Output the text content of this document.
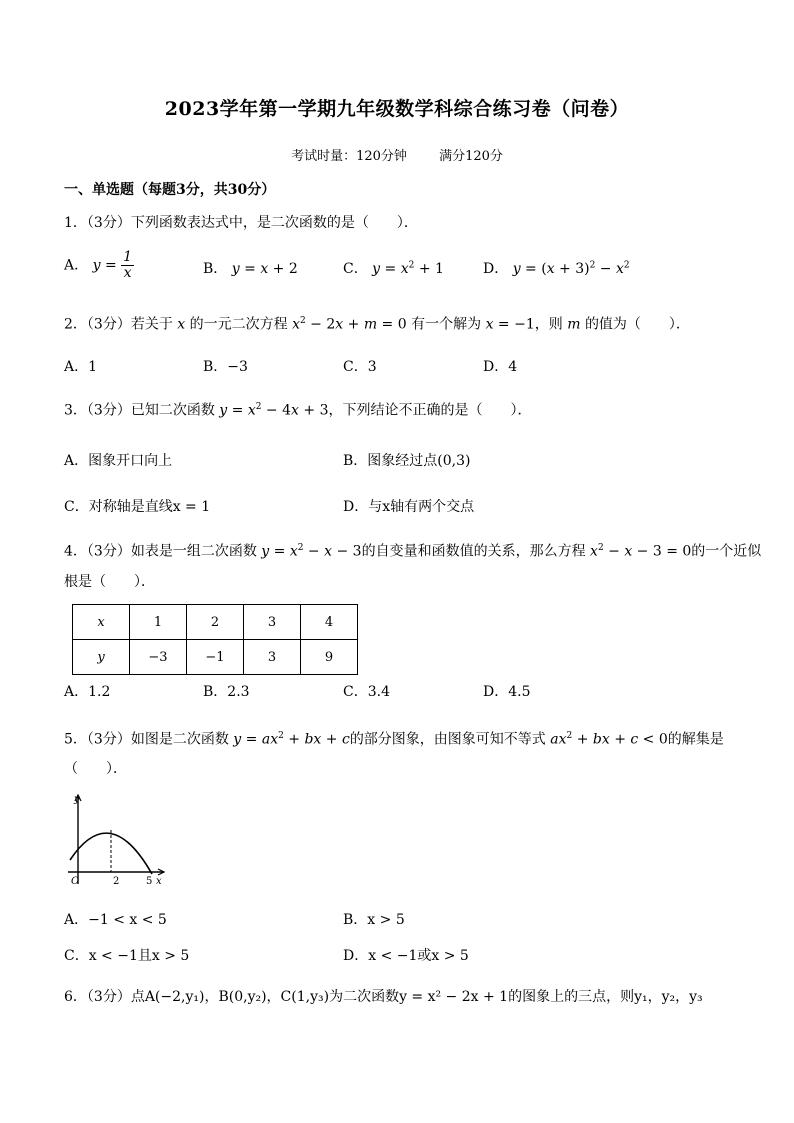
2023学年第一学期九年级数学科综合练习卷（问卷）
考试时量：120分钟 满分120分
一、单选题（每题3分，共30分）
1．（3分）下列函数表达式中，是二次函数的是（　　）．
A． $y = \frac{1}{x}$	B． y = x + 2	C． $y = x^2 + 1$	D． $y = (x + 3)^2 - x^2$
2．（3分）若关于 x 的一元二次方程 $x^2 - 2x + m = 0$ 有一个解为 x = −1，则 m 的值为（　　）．
A．1	B．−3	C．3	D．4
3．（3分）已知二次函数 $y = x^2 - 4x + 3$，下列结论不正确的是（　　）．
A．图象开口向上	B．图象经过点(0,3)
C．对称轴是直线x = 1	D．与x轴有两个交点
4．（3分）如表是一组二次函数 $y = x^2 - x - 3$的自变量和函数值的关系，那么方程 $x^2 - x - 3 = 0$的一个近似
根是（　　）．
x	1	2	3	4
y	−3	−1	3	9
A．1.2	B．2.3	C．3.4	D．4.5
5．（3分）如图是二次函数 $y = ax^2$ + bx + c的部分图象，由图象可知不等式 $ax^2$ + bx + c < 0的解集是
（　　）．
y
O	2	5 x
A．−1 < x < 5	B．x > 5
C．x < −1且x > 5	D．x < −1或x > 5
6．（3分）点A(−2,y₁)，B(0,y₂)，C(1,y₃)为二次函数y = x² − 2x + 1的图象上的三点，则y₁，y₂，y₃
